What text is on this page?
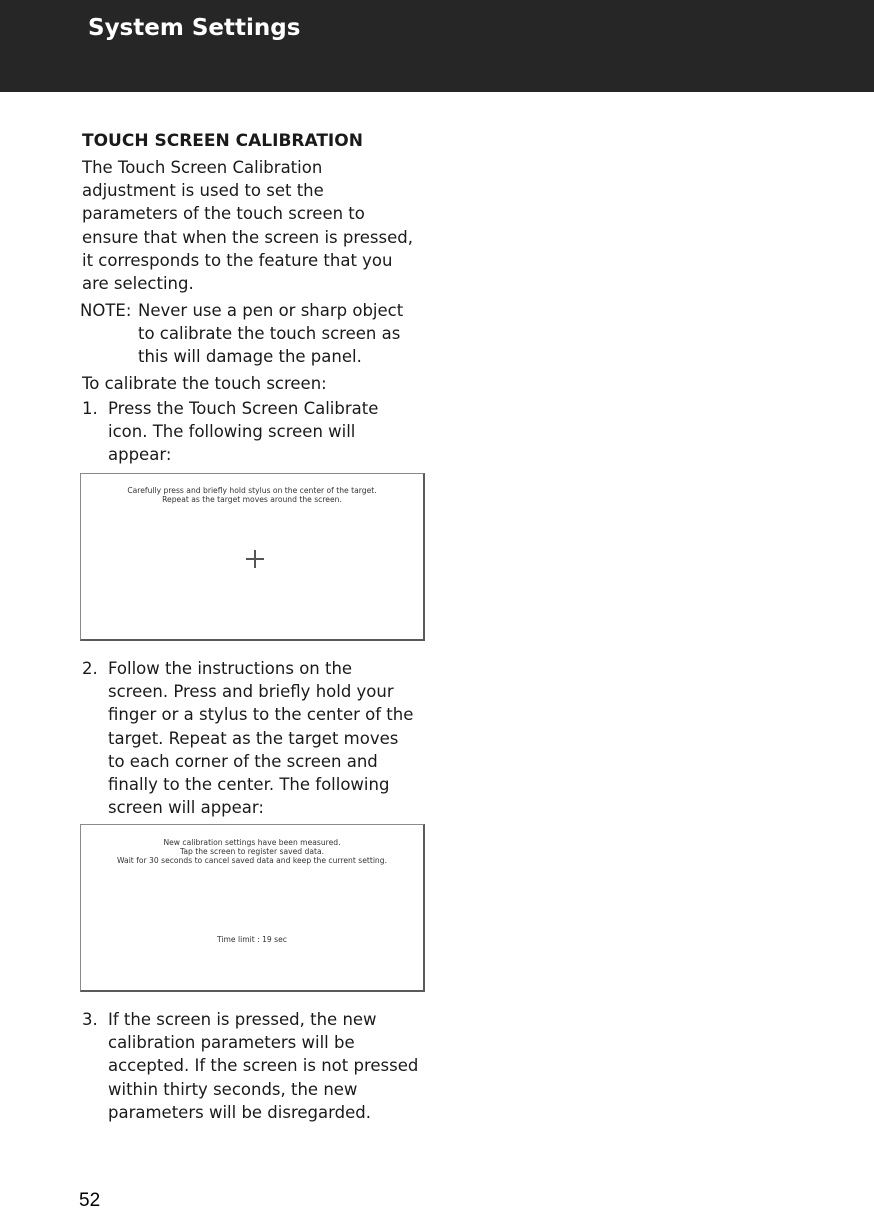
System Settings
TOUCH SCREEN CALIBRATION
The Touch Screen Calibration
adjustment is used to set the
parameters of the touch screen to
ensure that when the screen is pressed,
it corresponds to the feature that you
are selecting.
NOTE: Never use a pen or sharp object
to calibrate the touch screen as
this will damage the panel.
To calibrate the touch screen:
1. Press the Touch Screen Calibrate
icon. The following screen will
appear:
Carefully press and briefly hold stylus on the center of the target.
Repeat as the target moves around the screen.
2. Follow the instructions on the
screen. Press and briefly hold your
finger or a stylus to the center of the
target. Repeat as the target moves
to each corner of the screen and
finally to the center. The following
screen will appear:
New calibration settings have been measured.
Tap the screen to register saved data.
Wait for 30 seconds to cancel saved data and keep the current setting.
Time limit : 19 sec
3. If the screen is pressed, the new
calibration parameters will be
accepted. If the screen is not pressed
within thirty seconds, the new
parameters will be disregarded.
52
